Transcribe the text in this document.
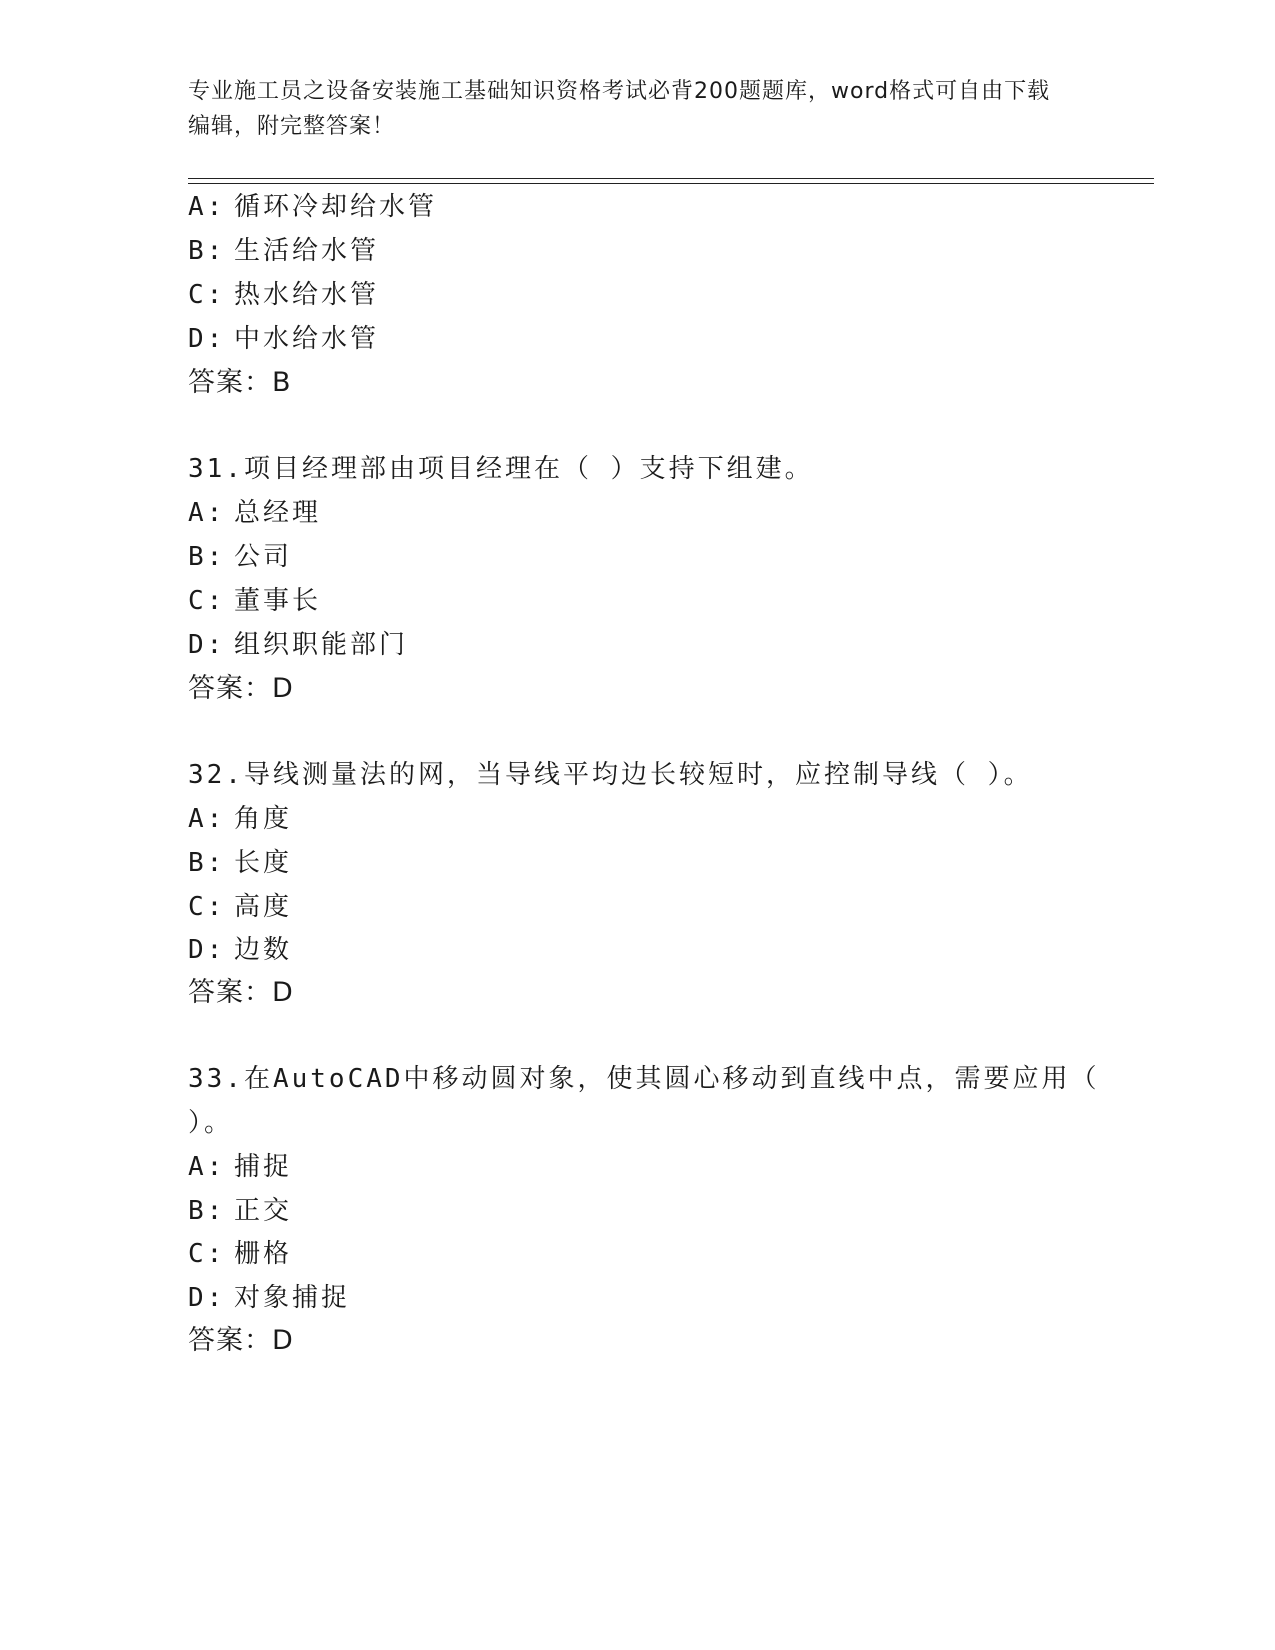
专业施工员之设备安装施工基础知识资格考试必背200题题库，word格式可自由下载编辑，附完整答案！
A: 循环冷却给水管
B: 生活给水管
C: 热水给水管
D: 中水给水管
答案：B
31.项目经理部由项目经理在（ ）支持下组建。
A: 总经理
B: 公司
C: 董事长
D: 组织职能部门
答案：D
32.导线测量法的网，当导线平均边长较短时，应控制导线（ ）。
A: 角度
B: 长度
C: 高度
D: 边数
答案：D
33.在AutoCAD中移动圆对象，使其圆心移动到直线中点，需要应用（
）。
A: 捕捉
B: 正交
C: 栅格
D: 对象捕捉
答案：D
